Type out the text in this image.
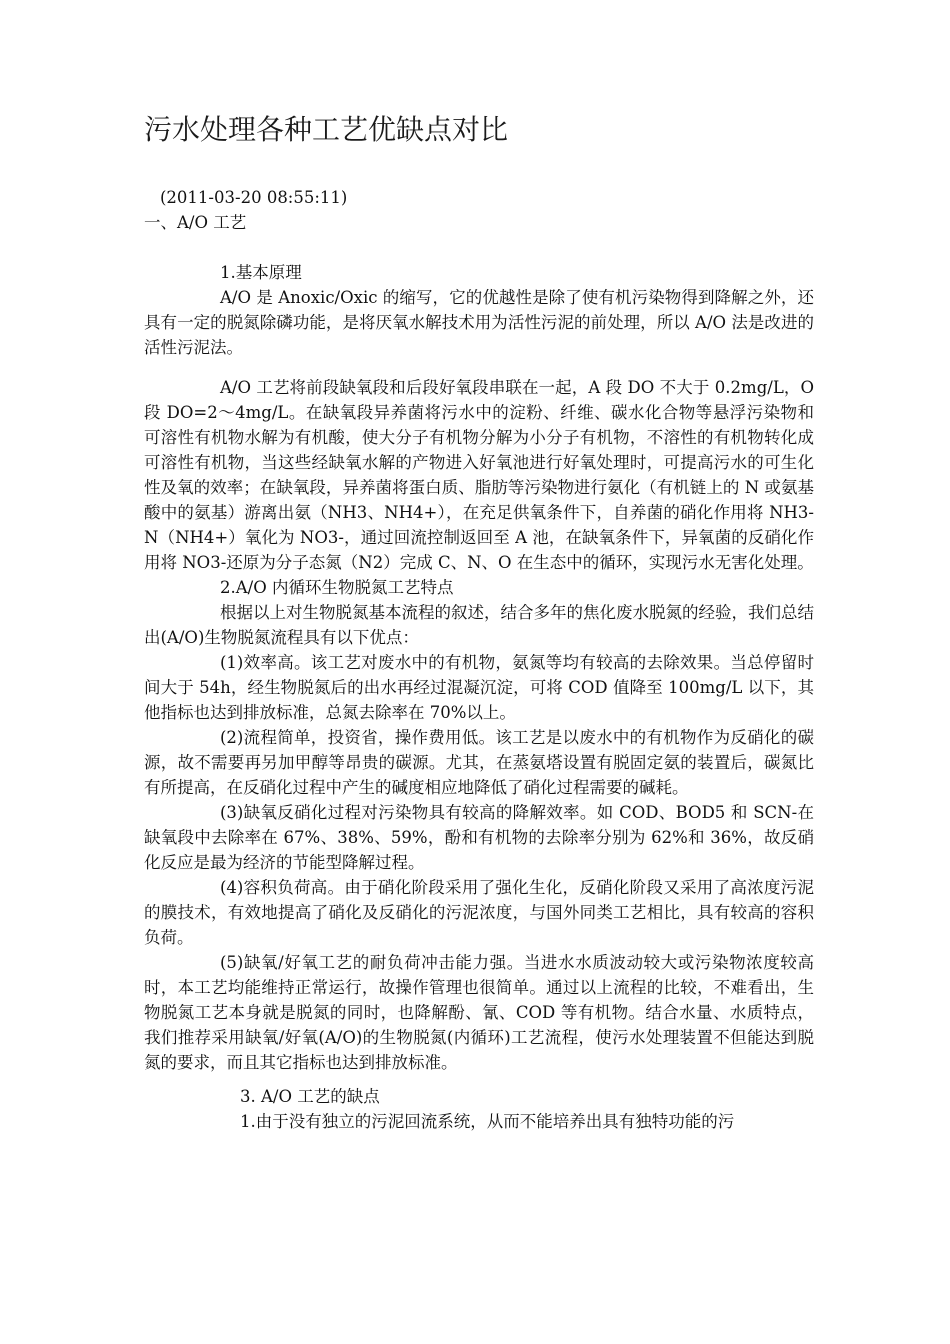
污水处理各种工艺优缺点对比

(2011-03-20 08:55:11)

一、A/O 工艺

1.基本原理

A/O 是 Anoxic/Oxic 的缩写，它的优越性是除了使有机污染物得到降解之外，还具有一定的脱氮除磷功能，是将厌氧水解技术用为活性污泥的前处理，所以 A/O 法是改进的活性污泥法。

A/O 工艺将前段缺氧段和后段好氧段串联在一起，A 段 DO 不大于 0.2mg/L，O 段 DO=2～4mg/L。在缺氧段异养菌将污水中的淀粉、纤维、碳水化合物等悬浮污染物和可溶性有机物水解为有机酸，使大分子有机物分解为小分子有机物，不溶性的有机物转化成可溶性有机物，当这些经缺氧水解的产物进入好氧池进行好氧处理时，可提高污水的可生化性及氧的效率；在缺氧段，异养菌将蛋白质、脂肪等污染物进行氨化（有机链上的 N 或氨基酸中的氨基）游离出氨（NH3、NH4+），在充足供氧条件下，自养菌的硝化作用将 NH3-N（NH4+）氧化为 NO3-，通过回流控制返回至 A 池，在缺氧条件下，异氧菌的反硝化作用将 NO3-还原为分子态氮（N2）完成 C、N、O 在生态中的循环，实现污水无害化处理。

2.A/O 内循环生物脱氮工艺特点

根据以上对生物脱氮基本流程的叙述，结合多年的焦化废水脱氮的经验，我们总结出(A/O)生物脱氮流程具有以下优点：

(1)效率高。该工艺对废水中的有机物，氨氮等均有较高的去除效果。当总停留时间大于 54h，经生物脱氮后的出水再经过混凝沉淀，可将 COD 值降至 100mg/L 以下，其他指标也达到排放标准，总氮去除率在 70%以上。

(2)流程简单，投资省，操作费用低。该工艺是以废水中的有机物作为反硝化的碳源，故不需要再另加甲醇等昂贵的碳源。尤其，在蒸氨塔设置有脱固定氨的装置后，碳氮比有所提高，在反硝化过程中产生的碱度相应地降低了硝化过程需要的碱耗。

(3)缺氧反硝化过程对污染物具有较高的降解效率。如 COD、BOD5 和 SCN-在缺氧段中去除率在 67%、38%、59%，酚和有机物的去除率分别为 62%和 36%，故反硝化反应是最为经济的节能型降解过程。

(4)容积负荷高。由于硝化阶段采用了强化生化，反硝化阶段又采用了高浓度污泥的膜技术，有效地提高了硝化及反硝化的污泥浓度，与国外同类工艺相比，具有较高的容积负荷。

(5)缺氧/好氧工艺的耐负荷冲击能力强。当进水水质波动较大或污染物浓度较高时，本工艺均能维持正常运行，故操作管理也很简单。通过以上流程的比较，不难看出，生物脱氮工艺本身就是脱氮的同时，也降解酚、氰、COD 等有机物。结合水量、水质特点，我们推荐采用缺氧/好氧(A/O)的生物脱氮(内循环)工艺流程，使污水处理装置不但能达到脱氮的要求，而且其它指标也达到排放标准。

3. A/O 工艺的缺点

1.由于没有独立的污泥回流系统，从而不能培养出具有独特功能的污
